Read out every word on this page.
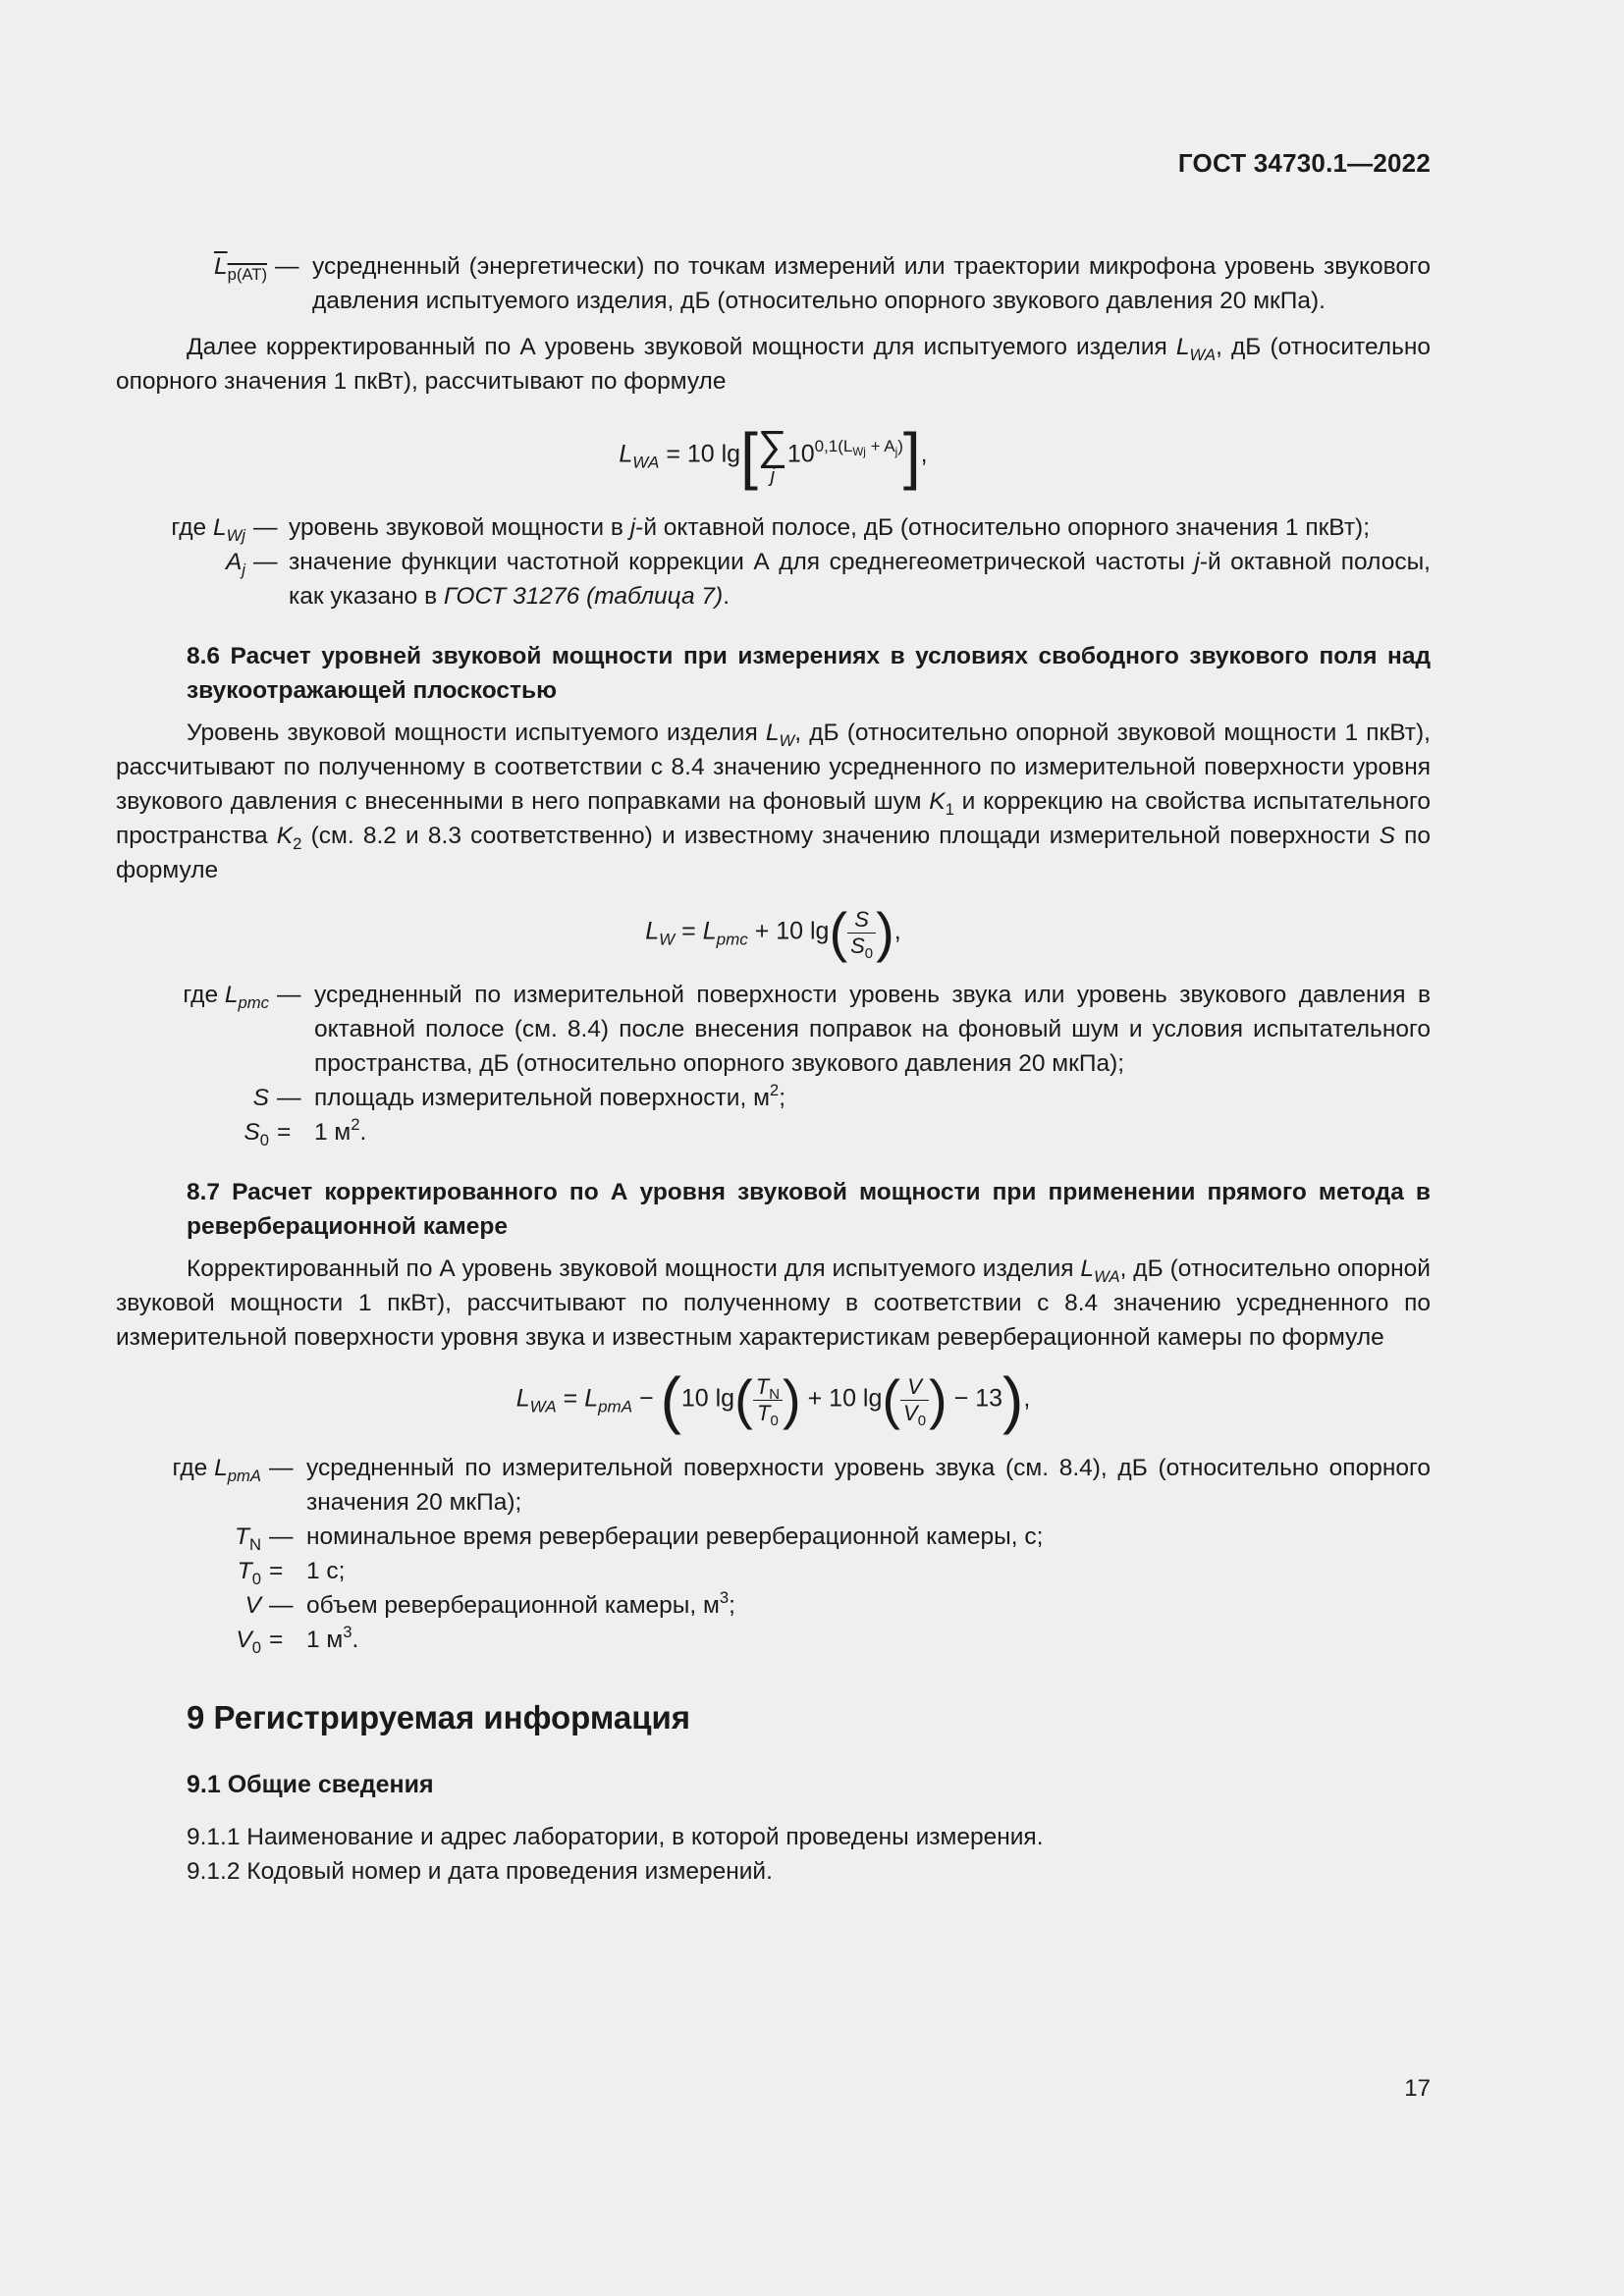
ГОСТ 34730.1—2022
$L_{p(AT)}$ — усредненный (энергетически) по точкам измерений или траектории микрофона уровень звукового давления испытуемого изделия, дБ (относительно опорного звукового давления 20 мкПа).

Далее корректированный по А уровень звуковой мощности для испытуемого изделия $L_{WA}$, дБ (относительно опорного значения 1 пкВт), рассчитывают по формуле

$L_{WA} = 10$ lg[ ∑
j
$10^{0,1(L_{Wj} + A_j)}$],
где $L_{Wj}$ — уровень звуковой мощности в j-й октавной полосе, дБ (относительно опорного значения 1 пкВт);
$A_j$ — значение функции частотной коррекции А для среднегеометрической частоты j-й октавной полосы, как указано в ГОСТ 31276 (таблица 7).

8.6 Расчет уровней звуковой мощности при измерениях в условиях свободного звукового поля над звукоотражающей плоскостью

Уровень звуковой мощности испытуемого изделия $L_W$, дБ (относительно опорной звуковой мощности 1 пкВт), рассчитывают по полученному в соответствии с 8.4 значению усредненного по измерительной поверхности уровня звукового давления с внесенными в него поправками на фоновый шум $K_1$ и коррекцию на свойства испытательного пространства $K_2$ (см. 8.2 и 8.3 соответственно) и известному значению площади измерительной поверхности S по формуле

$L_W = L_{pmc} + 10$ $\lg( \frac{S}{S_0}$ ),
где $L_{pmc}$ — усредненный по измерительной поверхности уровень звука или уровень звукового давления в октавной полосе (см. 8.4) после внесения поправок на фоновый шум и условия испытательного пространства, дБ (относительно опорного звукового давления 20 мкПа);
S — площадь измерительной поверхности, $м^2$;
$S_0 = 1$ $м^2$.

8.7 Расчет корректированного по А уровня звуковой мощности при применении прямого метода в реверберационной камере

Корректированный по А уровень звуковой мощности для испытуемого изделия $L_{WA}$, дБ (относительно опорной звуковой мощности 1 пкВт), рассчитывают по полученному в соответствии с 8.4 значению усредненного по измерительной поверхности уровня звука и известным характеристикам реверберационной камеры по формуле

$L_{WA} = L_{pmA} - (10$ $\lg( \frac{T_N}{T_0}$ ) + 10 $\lg( \frac{V}{V_0}$ ) − 13),
где $L_{pmA}$ — усредненный по измерительной поверхности уровень звука (см. 8.4), дБ (относительно опорного значения 20 мкПа);
$T_N$ — номинальное время реверберации реверберационной камеры, с;
$T_0 = 1$ с;
V — объем реверберационной камеры, $м^3$;
$V_0 = 1$ $м^3$.

9 Регистрируемая информация

9.1 Общие сведения

9.1.1 Наименование и адрес лаборатории, в которой проведены измерения.

9.1.2 Кодовый номер и дата проведения измерений.

17
